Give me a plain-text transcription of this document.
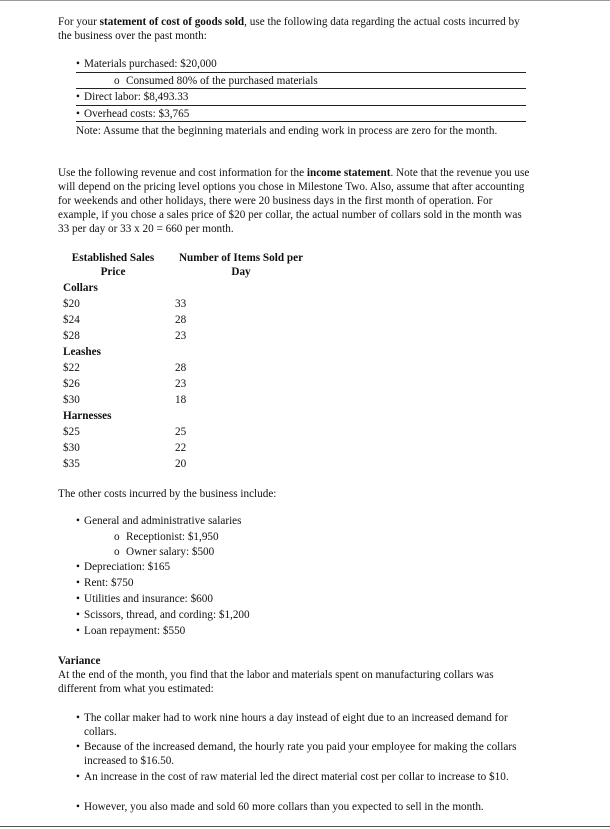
For your statement of cost of goods sold, use the following data regarding the actual costs incurred by the business over the past month:
• Materials purchased: $20,000
o Consumed 80% of the purchased materials
• Direct labor: $8,493.33
• Overhead costs: $3,765
Note: Assume that the beginning materials and ending work in process are zero for the month.
Use the following revenue and cost information for the income statement. Note that the revenue you use will depend on the pricing level options you chose in Milestone Two. Also, assume that after accounting for weekends and other holidays, there were 20 business days in the first month of operation. For example, if you chose a sales price of $20 per collar, the actual number of collars sold in the month was 33 per day or 33 x 20 = 660 per month.
Established Sales Price
Number of Items Sold per Day
Collars
$20	33
$24	28
$28	23
Leashes
$22	28
$26	23
$30	18
Harnesses
$25	25
$30	22
$35	20
The other costs incurred by the business include:
• General and administrative salaries
o Receptionist: $1,950
o Owner salary: $500
• Depreciation: $165
• Rent: $750
• Utilities and insurance: $600
• Scissors, thread, and cording: $1,200
• Loan repayment: $550
Variance
At the end of the month, you find that the labor and materials spent on manufacturing collars was different from what you estimated:
• The collar maker had to work nine hours a day instead of eight due to an increased demand for collars.
• Because of the increased demand, the hourly rate you paid your employee for making the collars increased to $16.50.
• An increase in the cost of raw material led the direct material cost per collar to increase to $10.
• However, you also made and sold 60 more collars than you expected to sell in the month.
